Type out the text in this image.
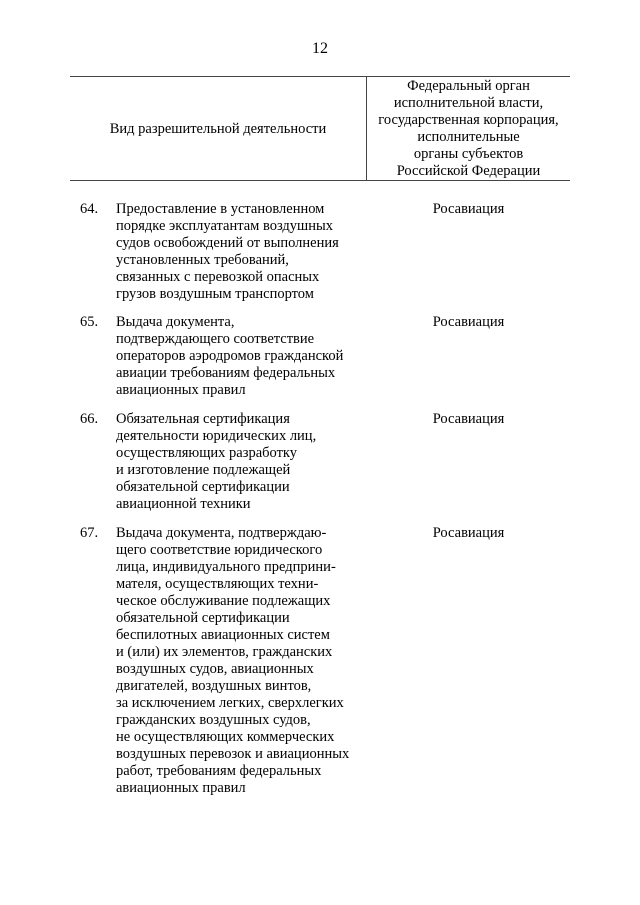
12
Вид разрешительной деятельности
Федеральный орган
исполнительной власти,
государственная корпорация,
исполнительные
органы субъектов
Российской Федерации
64.	Предоставление в установленном
порядке эксплуатантам воздушных
судов освобождений от выполнения
установленных требований,
связанных с перевозкой опасных
грузов воздушным транспортом
Росавиация
65.	Выдача документа,
подтверждающего соответствие
операторов аэродромов гражданской
авиации требованиям федеральных
авиационных правил
Росавиация
66.	Обязательная сертификация
деятельности юридических лиц,
осуществляющих разработку
и изготовление подлежащей
обязательной сертификации
авиационной техники
Росавиация
67.	Выдача документа, подтверждаю-
щего соответствие юридического
лица, индивидуального предприни-
мателя, осуществляющих техни-
ческое обслуживание подлежащих
обязательной сертификации
беспилотных авиационных систем
и (или) их элементов, гражданских
воздушных судов, авиационных
двигателей, воздушных винтов,
за исключением легких, сверхлегких
гражданских воздушных судов,
не осуществляющих коммерческих
воздушных перевозок и авиационных
работ, требованиям федеральных
авиационных правил
Росавиация
